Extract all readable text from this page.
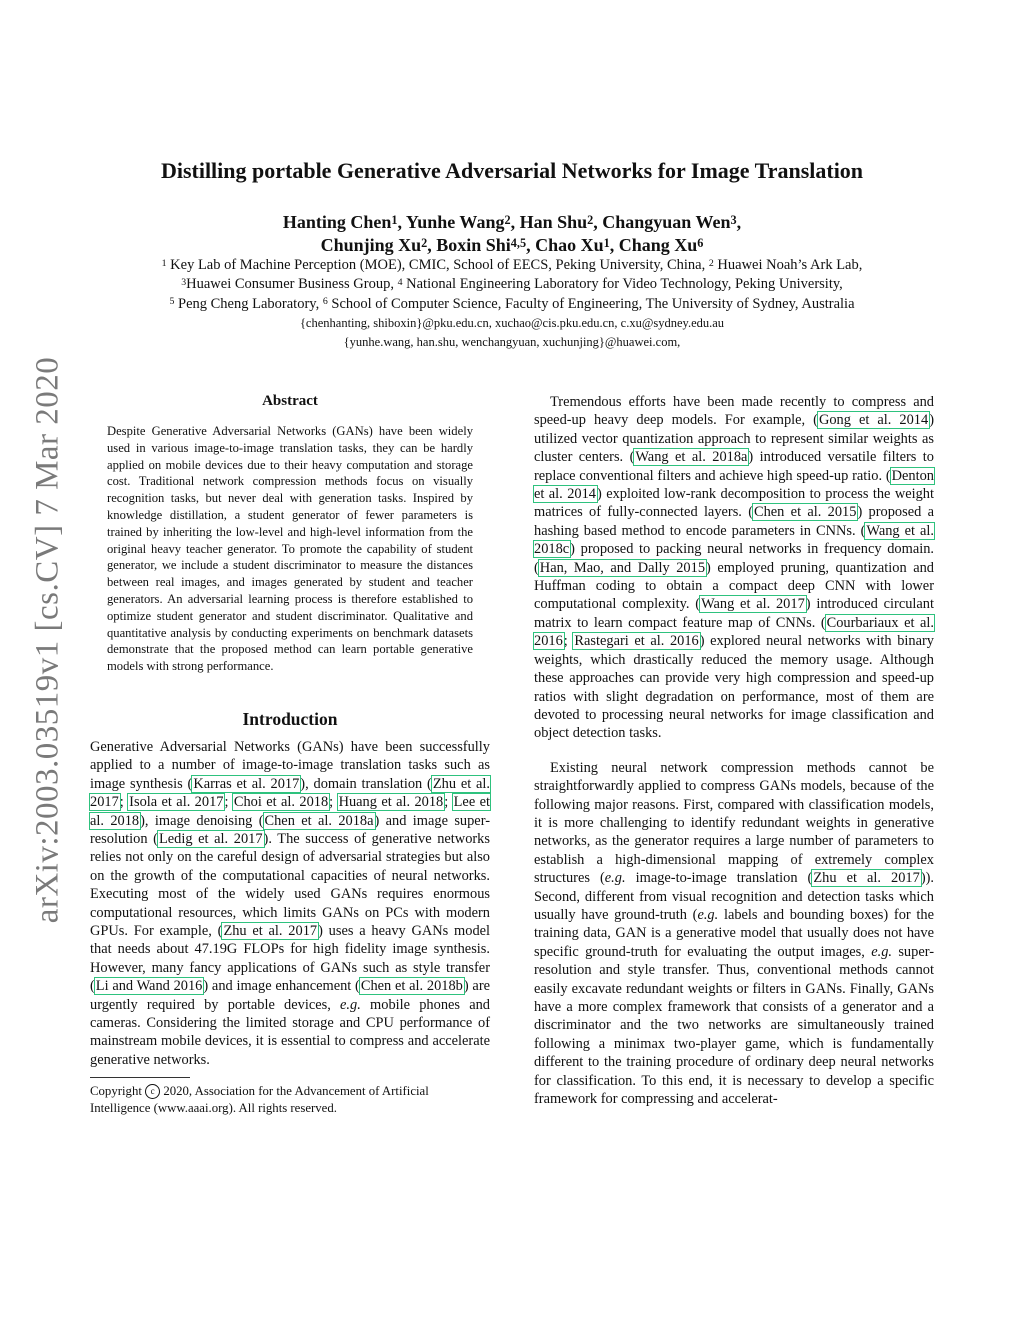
arXiv:2003.03519v1 [cs.CV] 7 Mar 2020
Distilling portable Generative Adversarial Networks for Image Translation
Hanting Chen$^1$, Yunhe Wang$^2$, Han Shu$^2$, Changyuan Wen$^3$,
Chunjing Xu$^2$, Boxin Shi$^{4,5}$, Chao Xu$^1$, Chang Xu$^6$
$^1$ Key Lab of Machine Perception (MOE), CMIC, School of EECS, Peking University, China, $^2$ Huawei Noah’s Ark Lab,
$^3$Huawei Consumer Business Group, $^4$ National Engineering Laboratory for Video Technology, Peking University,
$^5$ Peng Cheng Laboratory, $^6$ School of Computer Science, Faculty of Engineering, The University of Sydney, Australia
{chenhanting, shiboxin}@pku.edu.cn, xuchao@cis.pku.edu.cn, c.xu@sydney.edu.au
{yunhe.wang, han.shu, wenchangyuan, xuchunjing}@huawei.com,
Abstract
Despite Generative Adversarial Networks (GANs) have been widely used in various image-to-image translation tasks, they can be hardly applied on mobile devices due to their heavy computation and storage cost. Traditional network compression methods focus on visually recognition tasks, but never deal with generation tasks. Inspired by knowledge distillation, a student generator of fewer parameters is trained by inheriting the low-level and high-level information from the original heavy teacher generator. To promote the capability of student generator, we include a student discriminator to measure the distances between real images, and images generated by student and teacher generators. An adversarial learning process is therefore established to optimize student generator and student discriminator. Qualitative and quantitative analysis by conducting experiments on benchmark datasets demonstrate that the proposed method can learn portable generative models with strong performance.
Introduction

Generative Adversarial Networks (GANs) have been successfully applied to a number of image-to-image translation tasks such as image synthesis (Karras et al. 2017), domain translation (Zhu et al. 2017; Isola et al. 2017; Choi et al. 2018; Huang et al. 2018; Lee et al. 2018), image denoising (Chen et al. 2018a) and image super-resolution (Ledig et al. 2017). The success of generative networks relies not only on the careful design of adversarial strategies but also on the growth of the computational capacities of neural networks. Executing most of the widely used GANs requires enormous computational resources, which limits GANs on PCs with modern GPUs. For example, (Zhu et al. 2017) uses a heavy GANs model that needs about 47.19G FLOPs for high fidelity image synthesis. However, many fancy applications of GANs such as style transfer (Li and Wand 2016) and image enhancement (Chen et al. 2018b) are urgently required by portable devices, e.g. mobile phones and cameras. Considering the limited storage and CPU performance of mainstream mobile devices, it is essential to compress and accelerate generative networks.

Copyright c 2020, Association for the Advancement of Artificial Intelligence (www.aaai.org). All rights reserved.

Tremendous efforts have been made recently to compress and speed-up heavy deep models. For example, (Gong et al. 2014) utilized vector quantization approach to represent similar weights as cluster centers. (Wang et al. 2018a) introduced versatile filters to replace conventional filters and achieve high speed-up ratio. (Denton et al. 2014) exploited low-rank decomposition to process the weight matrices of fully-connected layers. (Chen et al. 2015) proposed a hashing based method to encode parameters in CNNs. (Wang et al. 2018c) proposed to packing neural networks in frequency domain. (Han, Mao, and Dally 2015) employed pruning, quantization and Huffman coding to obtain a compact deep CNN with lower computational complexity. (Wang et al. 2017) introduced circulant matrix to learn compact feature map of CNNs. (Courbariaux et al. 2016; Rastegari et al. 2016) explored neural networks with binary weights, which drastically reduced the memory usage. Although these approaches can provide very high compression and speed-up ratios with slight degradation on performance, most of them are devoted to processing neural networks for image classification and object detection tasks.

Existing neural network compression methods cannot be straightforwardly applied to compress GANs models, because of the following major reasons. First, compared with classification models, it is more challenging to identify redundant weights in generative networks, as the generator requires a large number of parameters to establish a high-dimensional mapping of extremely complex structures (e.g. image-to-image translation (Zhu et al. 2017)). Second, different from visual recognition and detection tasks which usually have ground-truth (e.g. labels and bounding boxes) for the training data, GAN is a generative model that usually does not have specific ground-truth for evaluating the output images, e.g. super-resolution and style transfer. Thus, conventional methods cannot easily excavate redundant weights or filters in GANs. Finally, GANs have a more complex framework that consists of a generator and a discriminator and the two networks are simultaneously trained following a minimax two-player game, which is fundamentally different to the training procedure of ordinary deep neural networks for classification. To this end, it is necessary to develop a specific framework for compressing and accelerat-
